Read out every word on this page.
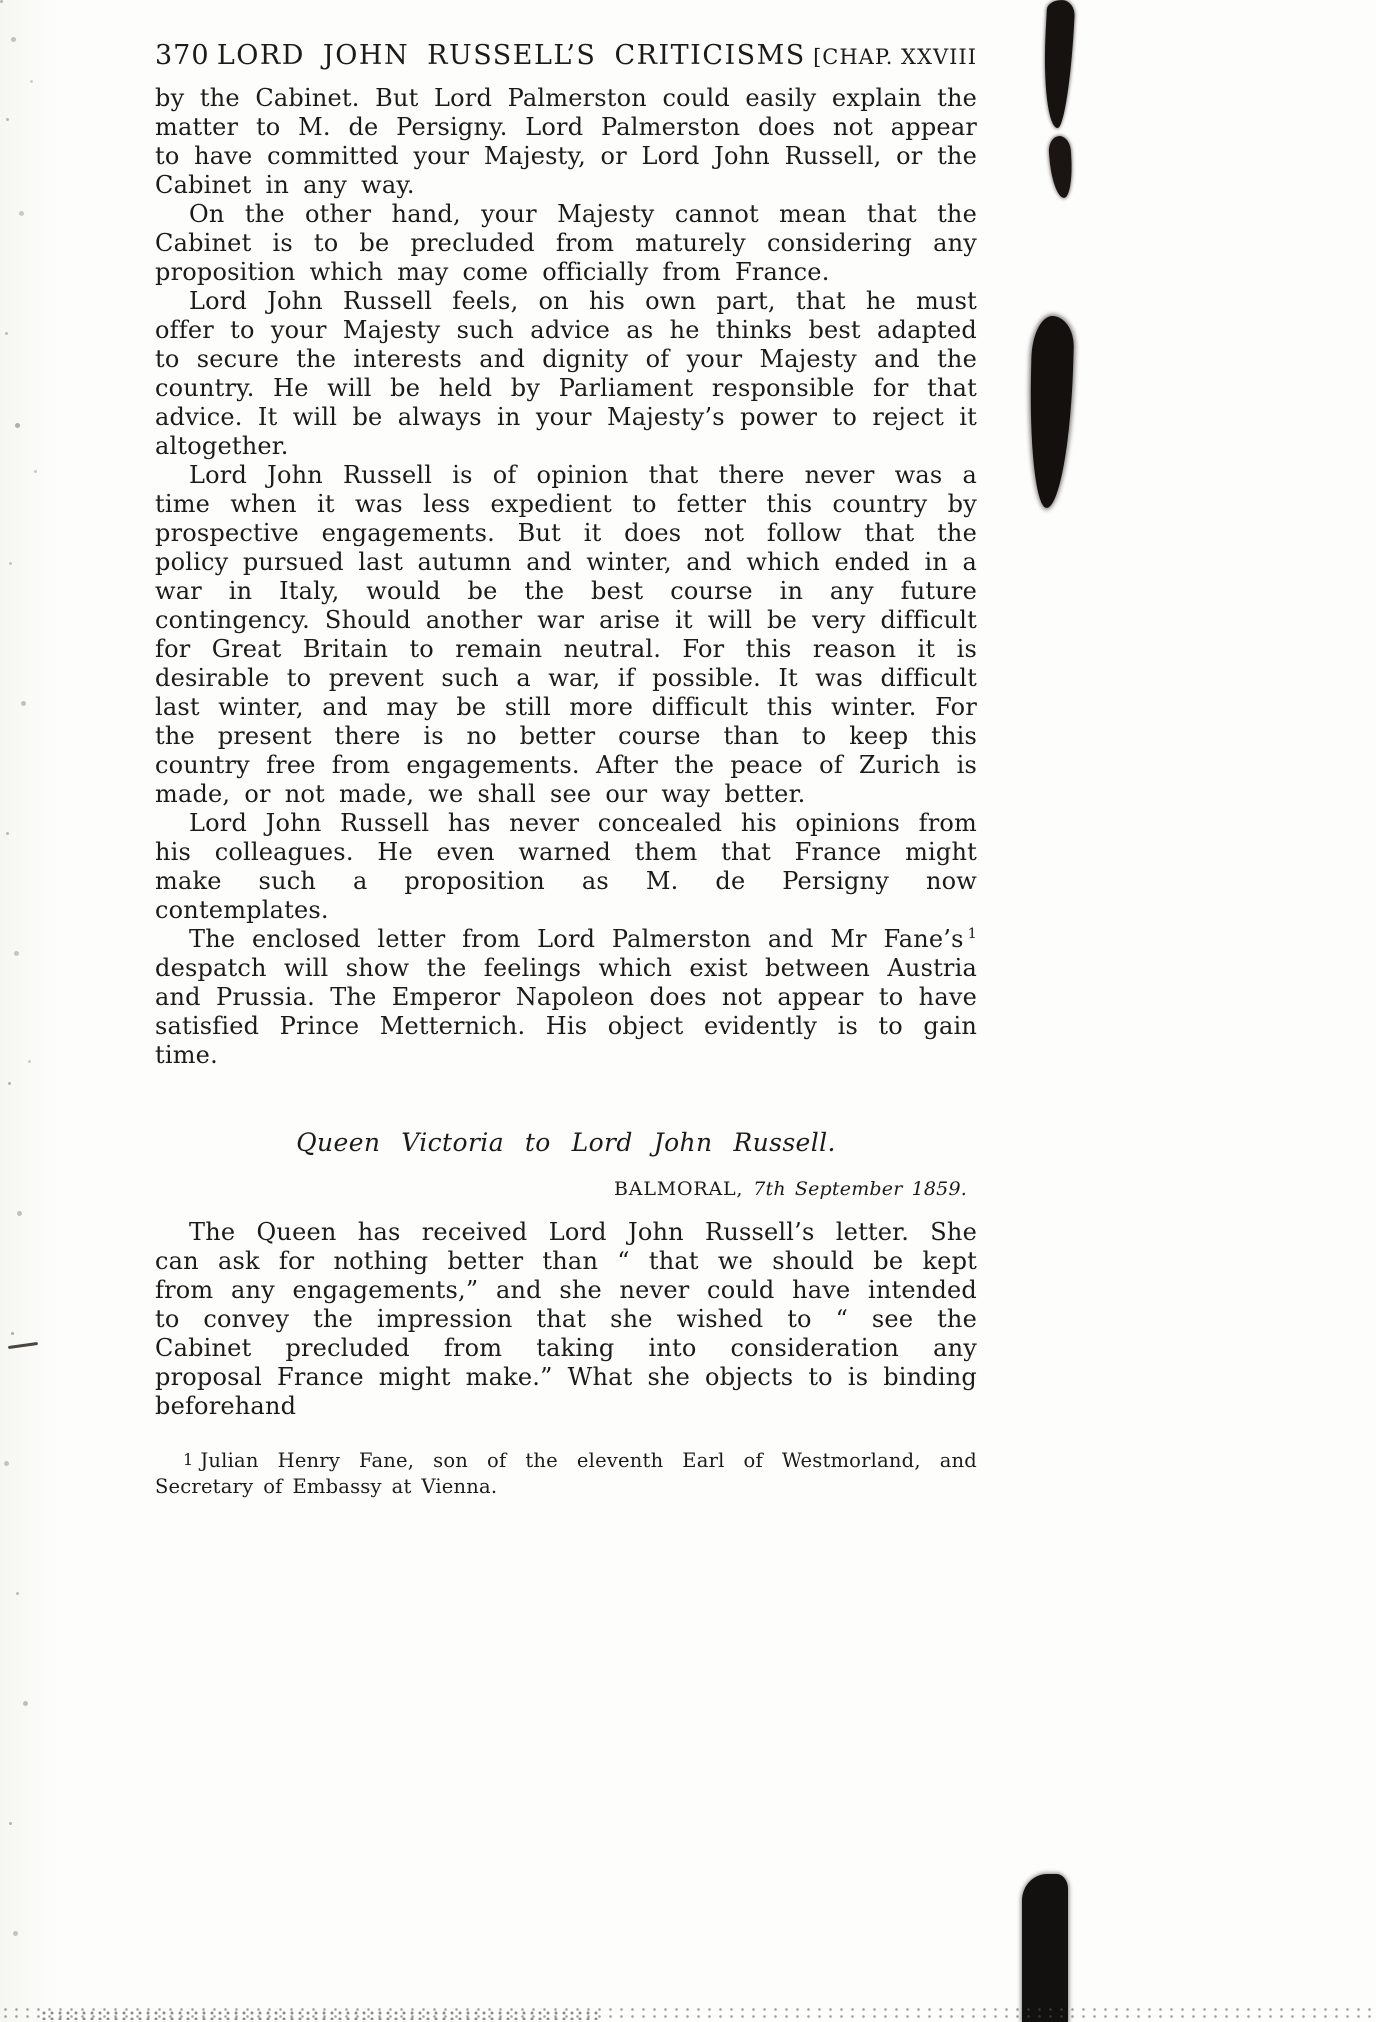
370 LORD JOHN RUSSELL’S CRITICISMS [CHAP. XXVIII

by the Cabinet. But Lord Palmerston could easily explain the matter to M. de Persigny. Lord Palmerston does not appear to have committed your Majesty, or Lord John Russell, or the Cabinet in any way.

On the other hand, your Majesty cannot mean that the Cabinet is to be precluded from maturely considering any proposition which may come officially from France.

Lord John Russell feels, on his own part, that he must offer to your Majesty such advice as he thinks best adapted to secure the interests and dignity of your Majesty and the country. He will be held by Parliament responsible for that advice. It will be always in your Majesty’s power to reject it altogether.

Lord John Russell is of opinion that there never was a time when it was less expedient to fetter this country by prospective engagements. But it does not follow that the policy pursued last autumn and winter, and which ended in a war in Italy, would be the best course in any future contingency. Should another war arise it will be very difficult for Great Britain to remain neutral. For this reason it is desirable to prevent such a war, if possible. It was difficult last winter, and may be still more difficult this winter. For the present there is no better course than to keep this country free from engagements. After the peace of Zurich is made, or not made, we shall see our way better.

Lord John Russell has never concealed his opinions from his colleagues. He even warned them that France might make such a proposition as M. de Persigny now contemplates.

The enclosed letter from Lord Palmerston and Mr Fane’s $^1$ despatch will show the feelings which exist between Austria and Prussia. The Emperor Napoleon does not appear to have satisfied Prince Metternich. His object evidently is to gain time.

Queen Victoria to Lord John Russell.

BALMORAL, 7th September 1859.

The Queen has received Lord John Russell’s letter. She can ask for nothing better than “ that we should be kept from any engagements,” and she never could have intended to convey the impression that she wished to “ see the Cabinet precluded from taking into consideration any proposal France might make.” What she objects to is binding beforehand

1 Julian Henry Fane, son of the eleventh Earl of Westmorland, and Secretary of Embassy at Vienna.
